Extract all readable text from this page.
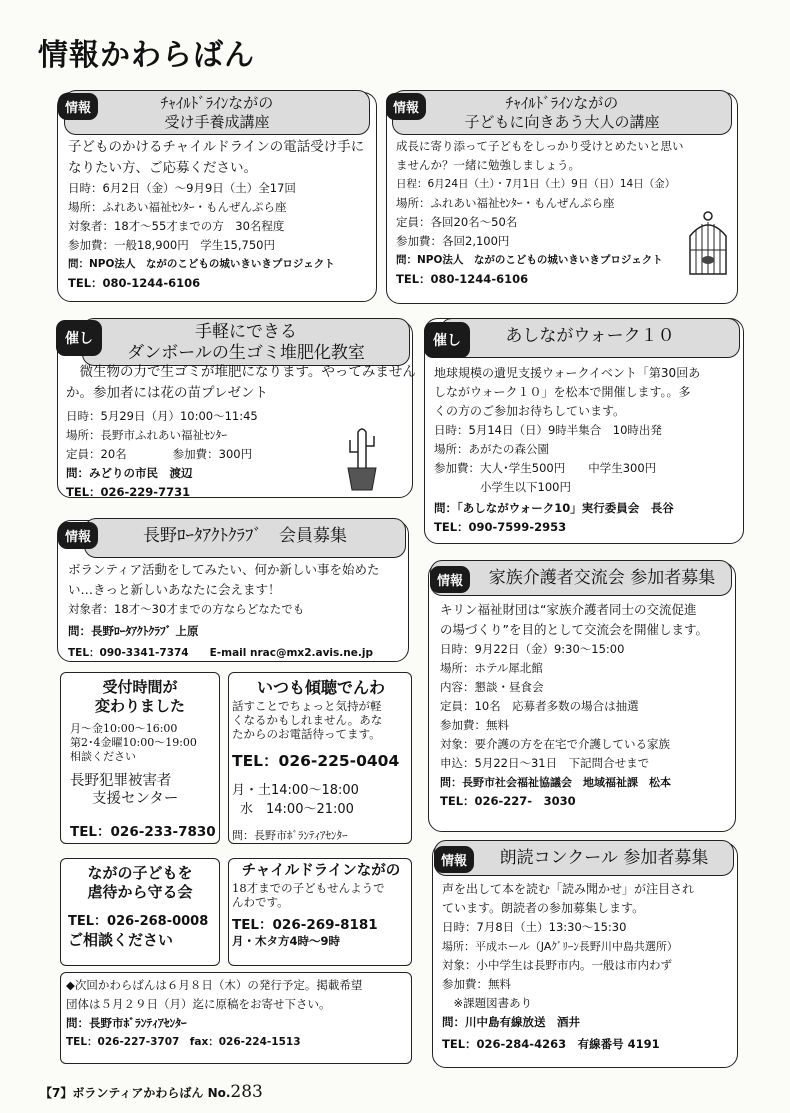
情報かわらばん
ﾁｬｲﾙﾄﾞﾗｲﾝながの
受け手養成講座
情報
子どものかけるチャイルドラインの電話受け手に
なりたい方、ご応募ください。
日時：6月2日（金）～9月9日（土）全17回
場所：ふれあい福祉ｾﾝﾀｰ・もんぜんぷら座
対象者：18才～55才までの方　30名程度
参加費：一般18,900円　学生15,750円
問：NPO法人　ながのこどもの城いきいきプロジェクト
TEL：080-1244-6106
ﾁｬｲﾙﾄﾞﾗｲﾝながの
子どもに向きあう大人の講座
情報
成長に寄り添って子どもをしっかり受けとめたいと思い
ませんか？一緒に勉強しましょう。
日程：6月24日（土）・7月1日（土）9日（日）14日（金）
場所：ふれあい福祉ｾﾝﾀｰ・もんぜんぷら座
定員：各回20名～50名
参加費：各回2,100円
問：NPO法人　ながのこどもの城いきいきプロジェクト
TEL：080-1244-6106
手軽にできる
ダンボールの生ゴミ堆肥化教室
催し
　微生物の力で生ゴミが堆肥になります。やってみません
か。参加者には花の苗プレゼント
日時：5月29日（月）10:00～11:45
場所：長野市ふれあい福祉ｾﾝﾀｰ
定員：20名　　　　参加費：300円
問：みどりの市民　渡辺
TEL：026-229-7731
あしながウォーク１０
催し
地球規模の遺児支援ウォークイベント「第30回あ
しながウォーク１０」を松本で開催します。。多
くの方のご参加お待ちしています。
日時：5月14日（日）9時半集合　10時出発
場所：あがたの森公園
参加費：大人･学生500円　　中学生300円
　　　　小学生以下100円
問：「あしながウォーク10」実行委員会　長谷
TEL：090-7599-2953
長野ﾛｰﾀｱｸﾄｸﾗﾌﾞ　会員募集
情報
ボランティア活動をしてみたい、何か新しい事を始めた
い…きっと新しいあなたに会えます！
対象者：18才～30才までの方ならどなたでも
問：長野ﾛｰﾀｱｸﾄｸﾗﾌﾞ 上原
TEL：090-3341-7374　　E-mail nrac@mx2.avis.ne.jp
家族介護者交流会 参加者募集
情報
キリン福祉財団は“家族介護者同士の交流促進
の場づくり”を目的として交流会を開催します。
日時：9月22日（金）9:30～15:00
場所：ホテル犀北館
内容：懇談・昼食会
定員：10名　応募者多数の場合は抽選
参加費：無料
対象：要介護の方を在宅で介護している家族
申込：5月22日～31日　下記問合せまで
問：長野市社会福祉協議会　地域福祉課　松本
TEL：026-227-　3030
受付時間が
変わりました
月～金10:00～16:00
第2･4金曜10:00～19:00
相談ください
長野犯罪被害者
支援センター
TEL：026-233-7830
いつも傾聴でんわ
話すことでちょっと気持が軽
くなるかもしれません。あな
たからのお電話待ってます。
TEL：026-225-0404
月・土14:00～18:00
水　14:00～21:00
問：長野市ﾎﾞﾗﾝﾃｨｱｾﾝﾀｰ
朗読コンクール 参加者募集
情報
声を出して本を読む「読み聞かせ」が注目され
ています。朗読者の参加募集します。
日時：7月8日（土）13:30～15:30
場所：平成ホール（JAｸﾞﾘｰﾝ長野川中島共選所）
対象：小中学生は長野市内。一般は市内わず
参加費：無料
　※課題図書あり
問：川中島有線放送　酒井
TEL：026-284-4263　有線番号 4191
ながの子どもを
虐待から守る会
TEL：026-268-0008
ご相談ください
チャイルドラインながの
18才までの子どもせんようで
んわです。
TEL：026-269-8181
月・木タ方4時～9時
◆次回かわらばんは６月８日（木）の発行予定。掲載希望
団体は５月２９日（月）迄に原稿をお寄せ下さい。
問：長野市ﾎﾞﾗﾝﾃｨｱｾﾝﾀｰ
TEL：026-227-3707　fax：026-224-1513
【7】ボランティアかわらばん No.283
